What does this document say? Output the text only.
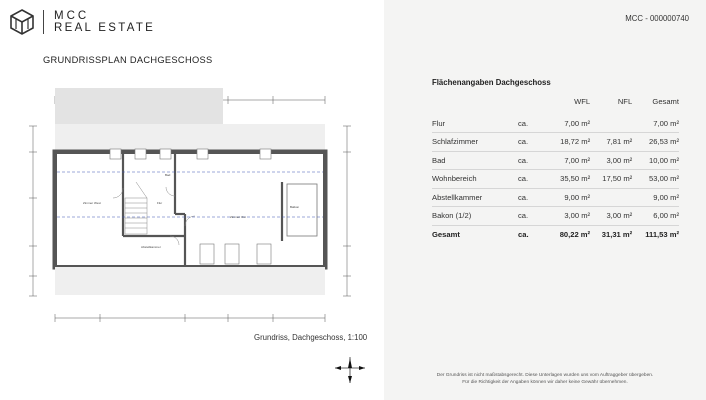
MCC
REAL ESTATE
GRUNDRISSPLAN DACHGESCHOSS
Zimmer West
Bad
Flur
Zimmer Ost
Abstellkammer
Balkon
Grundriss, Dachgeschoss, 1:100
MCC - 000000740
Flächenangaben Dachgeschoss
		WFL	NFL	Gesamt
Flur	ca.	7,00 m²		7,00 m²
Schlafzimmer	ca.	18,72 m²	7,81 m²	26,53 m²
Bad	ca.	7,00 m²	3,00 m²	10,00 m²
Wohnbereich	ca.	35,50 m²	17,50 m²	53,00 m²
Abstellkammer	ca.	9,00 m²		9,00 m²
Bakon (1/2)	ca.	3,00 m²	3,00 m²	6,00 m²
Gesamt	ca.	80,22 m²	31,31 m²	111,53 m²
Der Grundriss ist nicht maßstabsgerecht. Diese Unterlagen wurden uns vom Auftraggeber übergeben.
Für die Richtigkeit der Angaben können wir daher keine Gewähr übernehmen.
